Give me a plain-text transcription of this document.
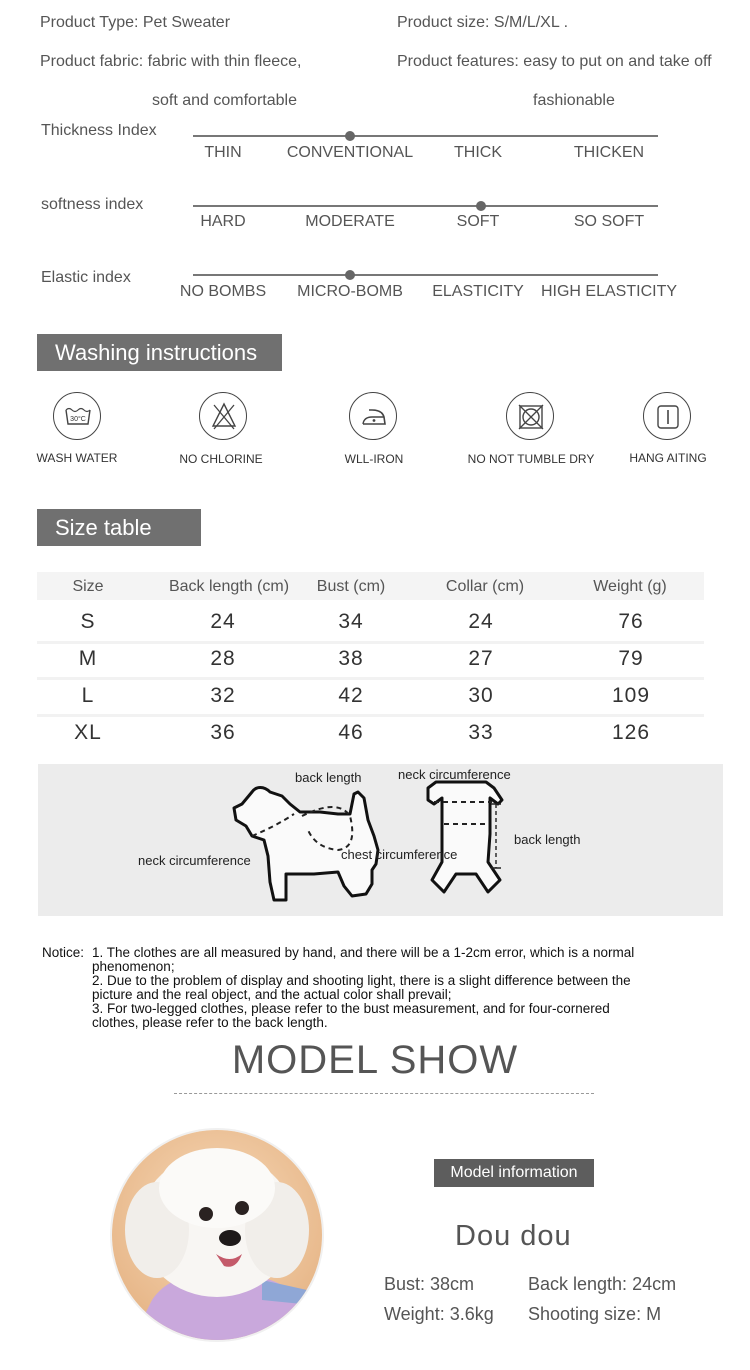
Product Type: Pet Sweater	Product size: S/M/L/XL .
Product fabric: fabric with thin fleece,	Product features: easy to put on and take off
soft and comfortable	fashionable
Thickness Index
THIN	CONVENTIONAL	THICK	THICKEN
softness index
HARD	MODERATE	SOFT	SO SOFT
Elastic index
NO BOMBS MICRO-BOMB ELASTICITY HIGH ELASTICITY
Washing instructions
30°C
WASH WATER	NO CHLORINE	WLL-IRON	NO NOT TUMBLE DRY	HANG AITING
Size table
Size	Back length (cm) Bust (cm)	Collar (cm)	Weight (g)
S	24	34	24	76
M	28	38	27	79
L	32	42	30	109
XL	36	46	33	126
back length	neck circumference
neck circumference	chest circumference
back length
Notice: 1. The clothes are all measured by hand, and there will be a 1-2cm error, which is a normal
phenomenon;
2. Due to the problem of display and shooting light, there is a slight difference between the
picture and the real object, and the actual color shall prevail;
3. For two-legged clothes, please refer to the bust measurement, and for four-cornered
clothes, please refer to the back length.
MODEL SHOW
Model information
Dou dou
Bust: 38cm	Back length: 24cm
Weight: 3.6kg Shooting size: M
